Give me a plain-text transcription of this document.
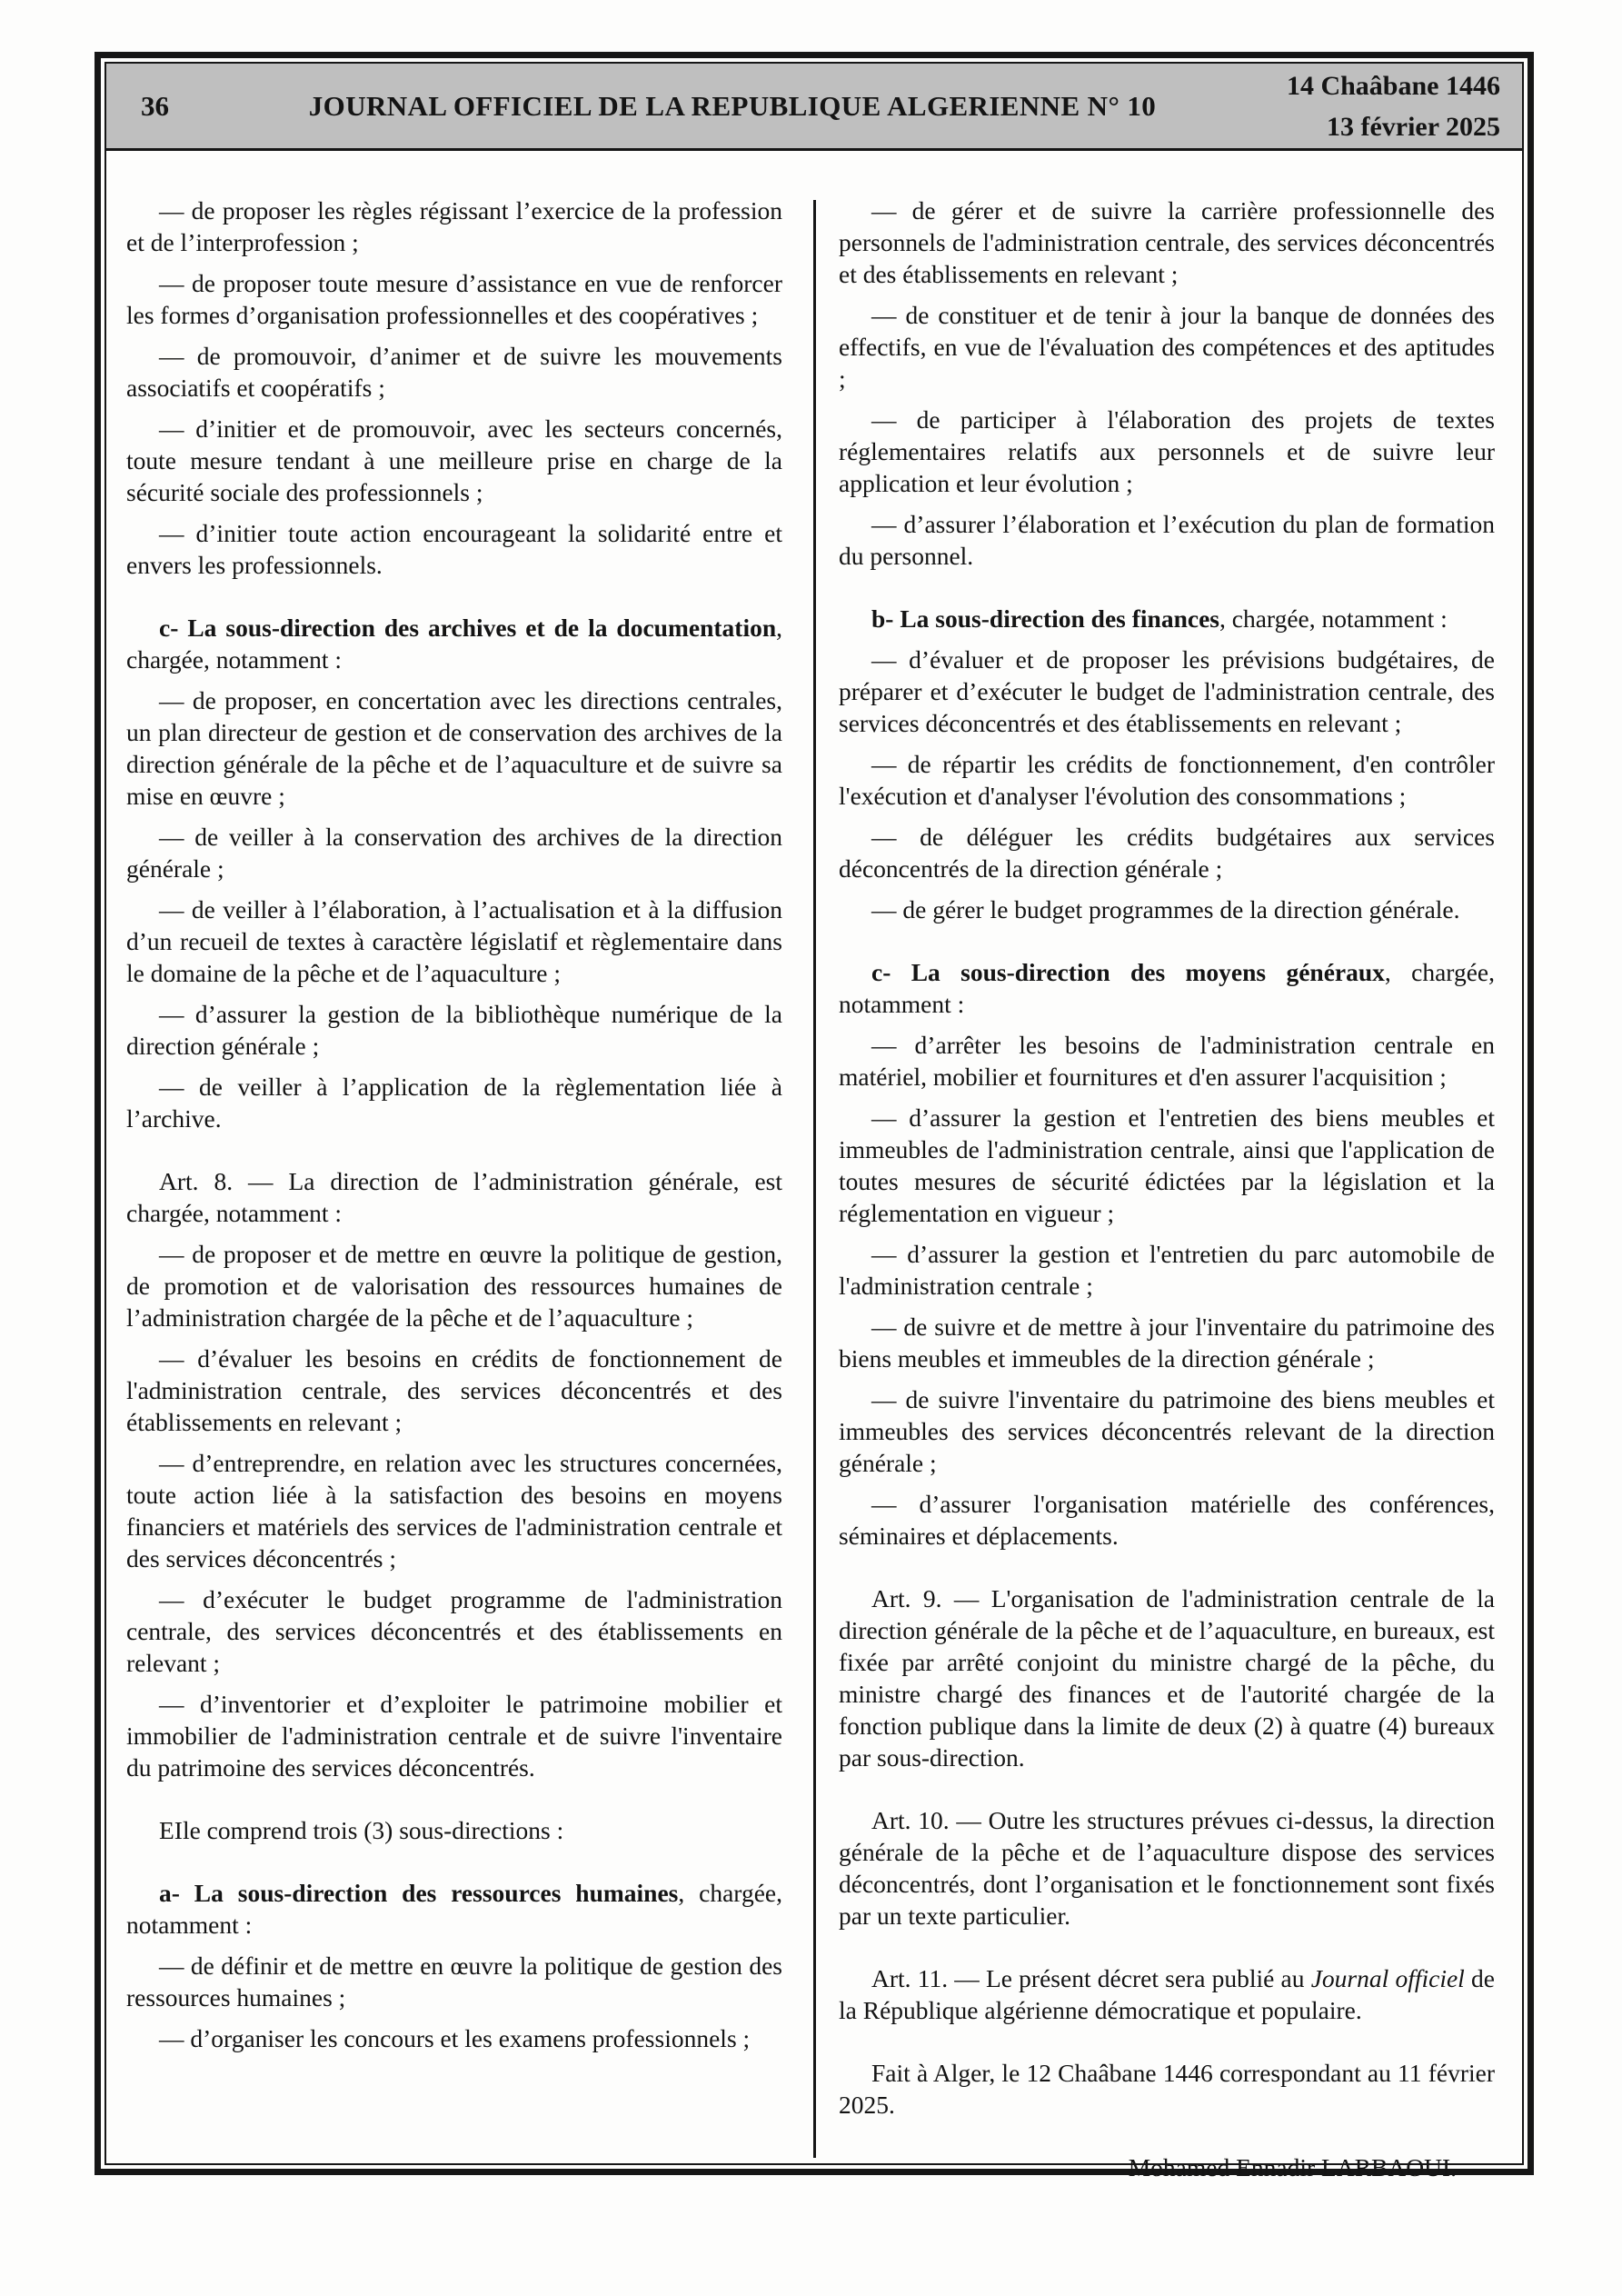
36	JOURNAL OFFICIEL DE LA REPUBLIQUE ALGERIENNE N° 10
14 Chaâbane 1446
13 février 2025

— de proposer les règles régissant l’exercice de la profession et de l’interprofession ;

— de proposer toute mesure d’assistance en vue de renforcer les formes d’organisation professionnelles et des coopératives ;

— de promouvoir, d’animer et de suivre les mouvements associatifs et coopératifs ;

— d’initier et de promouvoir, avec les secteurs concernés, toute mesure tendant à une meilleure prise en charge de la sécurité sociale des professionnels ;

— d’initier toute action encourageant la solidarité entre et envers les professionnels.

c- La sous-direction des archives et de la documentation, chargée, notamment :

— de proposer, en concertation avec les directions centrales, un plan directeur de gestion et de conservation des archives de la direction générale de la pêche et de l’aquaculture et de suivre sa mise en œuvre ;

— de veiller à la conservation des archives de la direction générale ;

— de veiller à l’élaboration, à l’actualisation et à la diffusion d’un recueil de textes à caractère législatif et règlementaire dans le domaine de la pêche et de l’aquaculture ;

— d’assurer la gestion de la bibliothèque numérique de la direction générale ;

— de veiller à l’application de la règlementation liée à l’archive.

Art. 8. — La direction de l’administration générale, est chargée, notamment :

— de proposer et de mettre en œuvre la politique de gestion, de promotion et de valorisation des ressources humaines de l’administration chargée de la pêche et de l’aquaculture ;

— d’évaluer les besoins en crédits de fonctionnement de l'administration centrale, des services déconcentrés et des établissements en relevant ;

— d’entreprendre, en relation avec les structures concernées, toute action liée à la satisfaction des besoins en moyens financiers et matériels des services de l'administration centrale et des services déconcentrés ;

— d’exécuter le budget programme de l'administration centrale, des services déconcentrés et des établissements en relevant ;

— d’inventorier et d’exploiter le patrimoine mobilier et immobilier de l'administration centrale et de suivre l'inventaire du patrimoine des services déconcentrés.

EIle comprend trois (3) sous-directions :

a- La sous-direction des ressources humaines, chargée, notamment :

— de définir et de mettre en œuvre la politique de gestion des ressources humaines ;

— d’organiser les concours et les examens professionnels ;

— de gérer et de suivre la carrière professionnelle des personnels de l'administration centrale, des services déconcentrés et des établissements en relevant ;

— de constituer et de tenir à jour la banque de données des effectifs, en vue de l'évaluation des compétences et des aptitudes ;

— de participer à l'élaboration des projets de textes réglementaires relatifs aux personnels et de suivre leur application et leur évolution ;

— d’assurer l’élaboration et l’exécution du plan de formation du personnel.

b- La sous-direction des finances, chargée, notamment :

— d’évaluer et de proposer les prévisions budgétaires, de préparer et d’exécuter le budget de l'administration centrale, des services déconcentrés et des établissements en relevant ;

— de répartir les crédits de fonctionnement, d'en contrôler l'exécution et d'analyser l'évolution des consommations ;

— de déléguer les crédits budgétaires aux services déconcentrés de la direction générale ;

— de gérer le budget programmes de la direction générale.

c- La sous-direction des moyens généraux, chargée, notamment :

— d’arrêter les besoins de l'administration centrale en matériel, mobilier et fournitures et d'en assurer l'acquisition ;

— d’assurer la gestion et l'entretien des biens meubles et immeubles de l'administration centrale, ainsi que l'application de toutes mesures de sécurité édictées par la législation et la réglementation en vigueur ;

— d’assurer la gestion et l'entretien du parc automobile de l'administration centrale ;

— de suivre et de mettre à jour l'inventaire du patrimoine des biens meubles et immeubles de la direction générale ;

— de suivre l'inventaire du patrimoine des biens meubles et immeubles des services déconcentrés relevant de la direction générale ;

— d’assurer l'organisation matérielle des conférences, séminaires et déplacements.

Art. 9. — L'organisation de l'administration centrale de la direction générale de la pêche et de l’aquaculture, en bureaux, est fixée par arrêté conjoint du ministre chargé de la pêche, du ministre chargé des finances et de l'autorité chargée de la fonction publique dans la limite de deux (2) à quatre (4) bureaux par sous-direction.

Art. 10. — Outre les structures prévues ci-dessus, la direction générale de la pêche et de l’aquaculture dispose des services déconcentrés, dont l’organisation et le fonctionnement sont fixés par un texte particulier.

Art. 11. — Le présent décret sera publié au Journal officiel de la République algérienne démocratique et populaire.

Fait à Alger, le 12 Chaâbane 1446 correspondant au 11 février 2025.

Mohamed Ennadir LARBAOUI.
